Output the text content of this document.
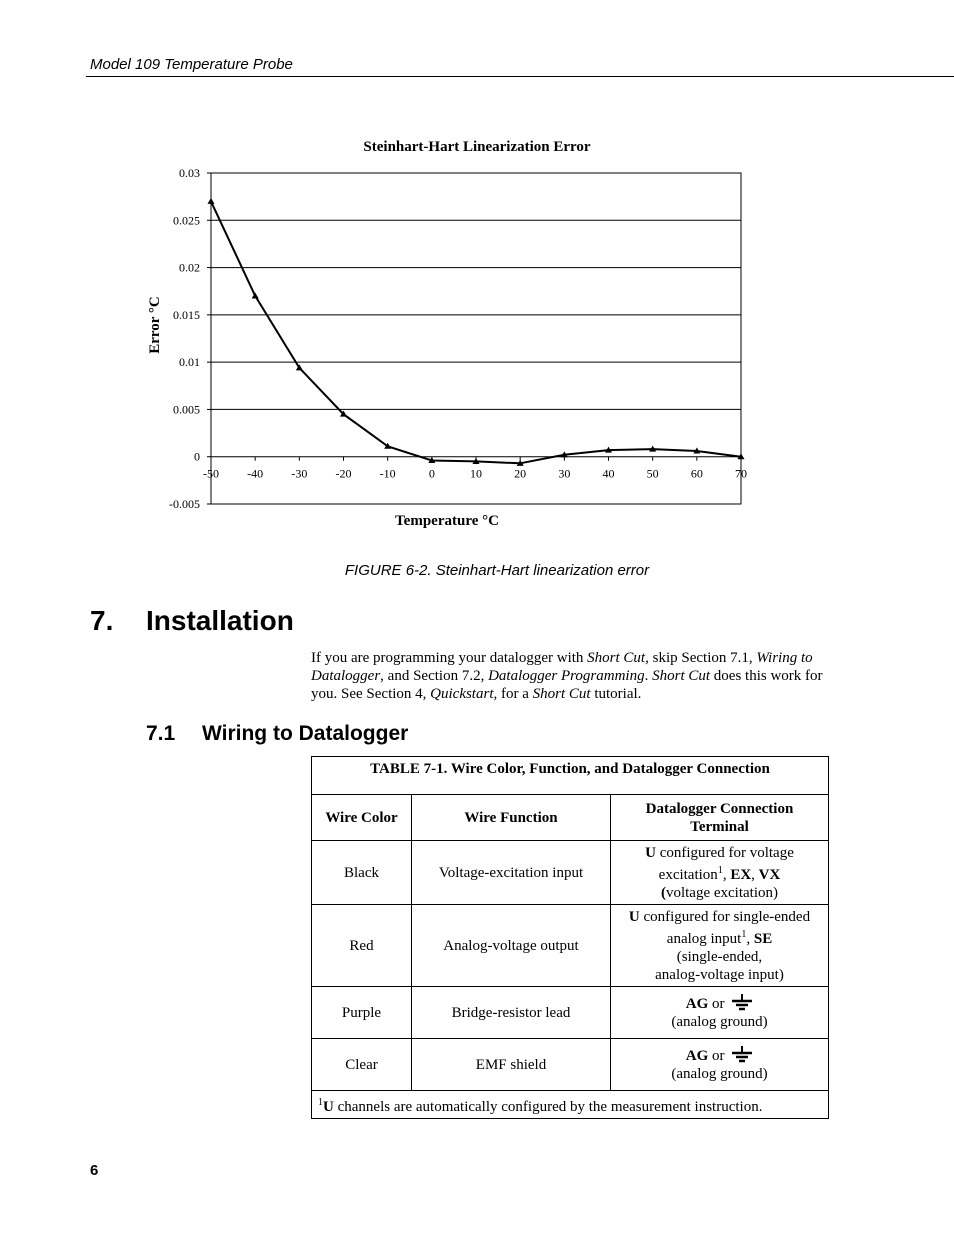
Model 109 Temperature Probe
Steinhart-Hart Linearization Error
0.03
0.025
0.02
0.015
0.01
0.005
0
-0.005
-50 -40 -30 -20 -10	0	10	20	30	40	50	60	70
Error °C
Temperature °C
FIGURE 6-2. Steinhart-Hart linearization error
7. Installation
If you are programming your datalogger with Short Cut, skip Section 7.1, Wiring to Datalogger, and Section 7.2, Datalogger Programming. Short Cut does this work for you. See Section 4, Quickstart, for a Short Cut tutorial.
7.1 Wiring to Datalogger
TABLE 7-1. Wire Color, Function, and Datalogger Connection		
Wire Color	Wire Function	Datalogger Connection Terminal
Black	Voltage-excitation input	U configured for voltage excitation$^1$, EX, VX
(voltage excitation)
Red	Analog-voltage output	U configured for single-ended analog input$^1$, SE
(single-ended,
analog-voltage input)
Purple	Bridge-resistor lead	AG or
(analog ground)
Clear	EMF shield	AG or
(analog ground)
$^1$U channels are automatically configured by the measurement instruction.		
6
